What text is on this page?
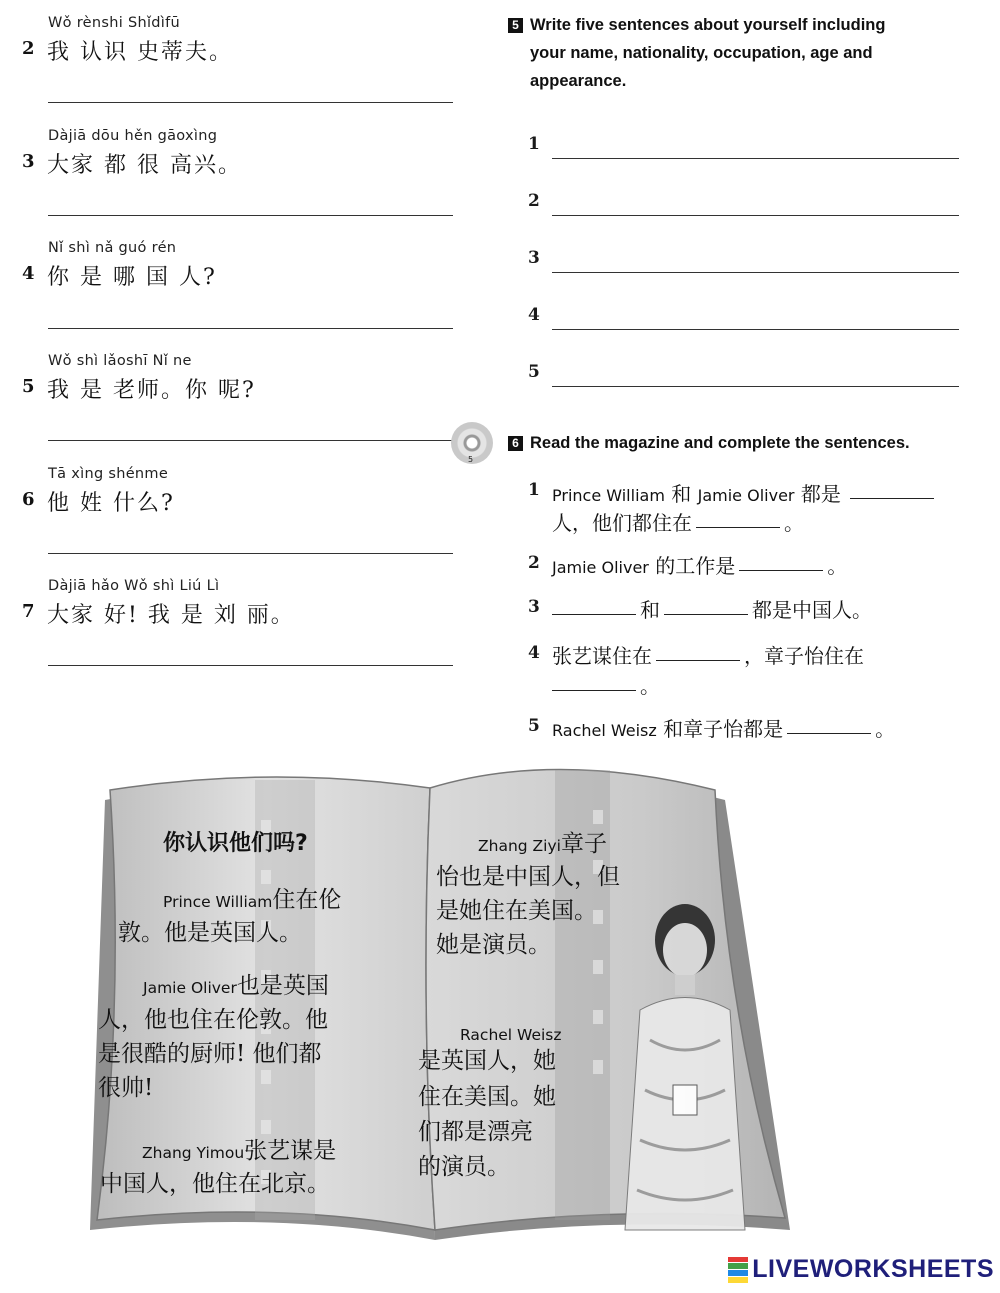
Wǒ rènshi Shǐdìfū
2 我 认识 史蒂夫。
Dàjiā dōu hěn gāoxìng
3 大家 都 很 高兴。
Nǐ shì nǎ guó rén
4 你 是 哪 国 人?
Wǒ shì lǎoshī Nǐ ne
5 我 是 老师。你 呢?
Tā xìng shénme
6 他 姓 什么?
Dàjiā hǎo Wǒ shì Liú Lì
7 大家 好! 我 是 刘 丽。
5
5 Write five sentences about yourself including
your name, nationality, occupation, age and
appearance.
1
2
3
4
5
6 Read the magazine and complete the sentences.
1 Prince William 和 Jamie Oliver 都是
人，他们都住在	。
2 Jamie Oliver 的工作是	。
3	和	都是中国人。
4 张艺谋住在	，章子怡住在
。
5 Rachel Weisz 和章子怡都是	。
你认识他们吗?
Prince William住在伦
敦。他是英国人。
Jamie Oliver也是英国
人，他也住在伦敦。他
是很酷的厨师! 他们都
很帅!
Zhang Yimou张艺谋是
中国人，他住在北京。
Zhang Ziyi章子
怡也是中国人，但
是她住在美国。
她是演员。
Rachel Weisz
是英国人，她
住在美国。她
们都是漂亮
的演员。
LIVEWORKSHEETS
